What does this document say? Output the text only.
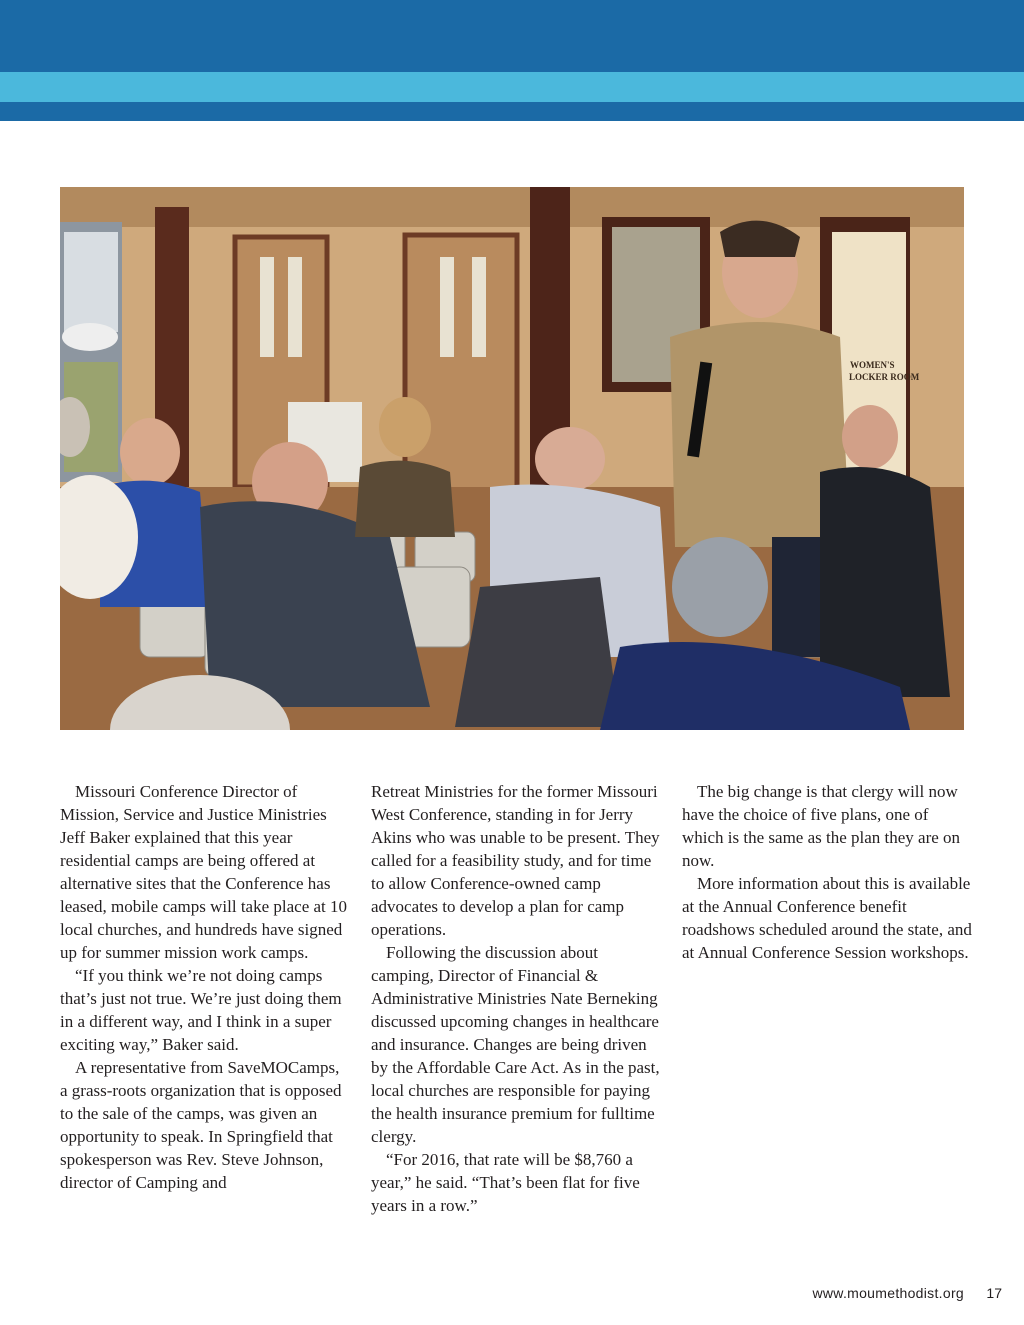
WOMEN'S
LOCKER ROOM

Missouri Conference Director of Mission, Service and Justice Ministries Jeff Baker explained that this year residential camps are being offered at alternative sites that the Conference has leased, mobile camps will take place at 10 local churches, and hundreds have signed up for summer mission work camps.

“If you think we’re not doing camps that’s just not true. We’re just doing them in a different way, and I think in a super exciting way,” Baker said.

A representative from SaveMOCamps, a grass-roots organization that is opposed to the sale of the camps, was given an opportunity to speak. In Springfield that spokesperson was Rev. Steve Johnson, director of Camping and

Retreat Ministries for the former Missouri West Conference, standing in for Jerry Akins who was unable to be present. They called for a feasibility study, and for time to allow Conference-owned camp advocates to develop a plan for camp operations.

Following the discussion about camping, Director of Financial & Administrative Ministries Nate Berneking discussed upcoming changes in healthcare and insurance. Changes are being driven by the Affordable Care Act. As in the past, local churches are responsible for paying the health insurance premium for fulltime clergy.

“For 2016, that rate will be $8,760 a year,” he said. “That’s been flat for five years in a row.”

The big change is that clergy will now have the choice of five plans, one of which is the same as the plan they are on now.

More information about this is available at the Annual Conference benefit roadshows scheduled around the state, and at Annual Conference Session workshops.

www.moumethodist.org 17
